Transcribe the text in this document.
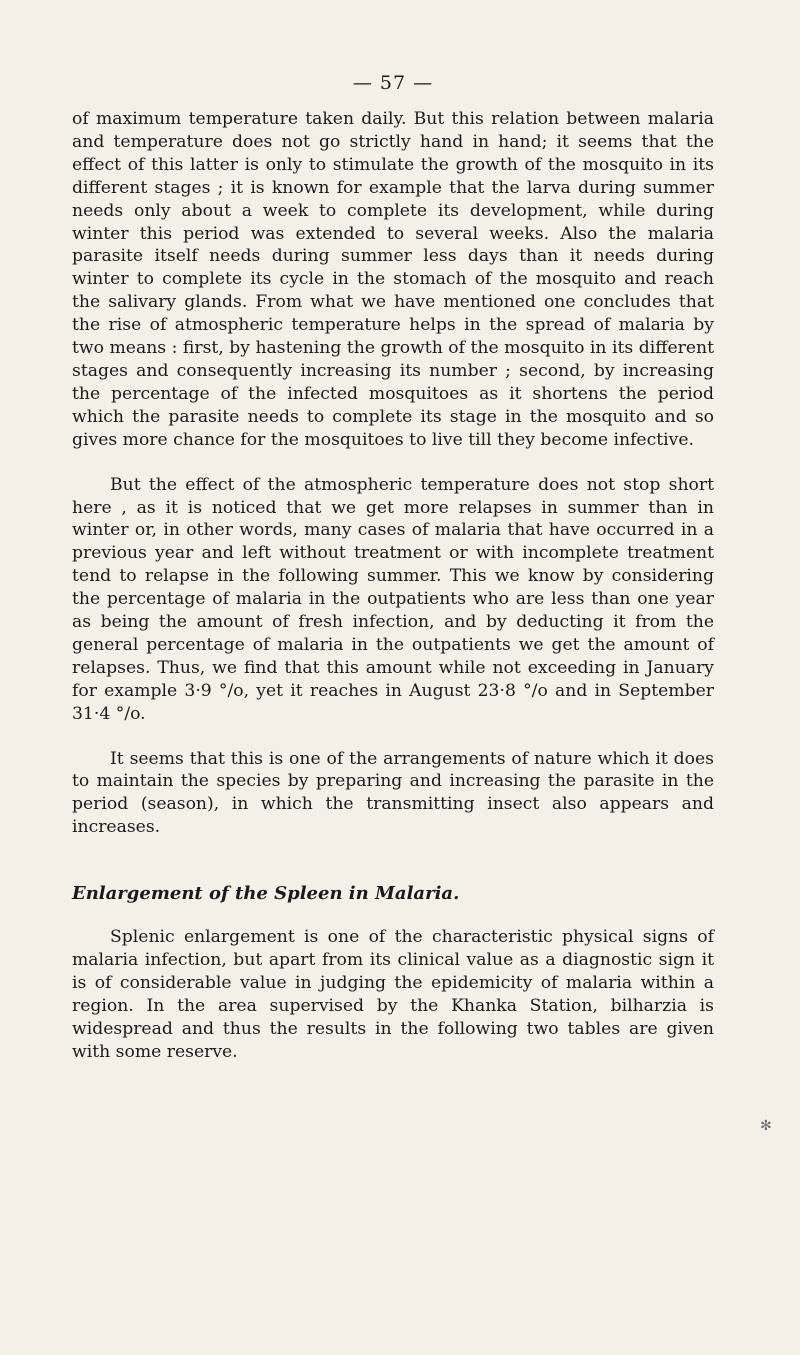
— 57 —

of maximum temperature taken daily. But this relation between malaria and temperature does not go strictly hand in hand; it seems that the effect of this latter is only to stimulate the growth of the mosquito in its different stages ; it is known for example that the larva during summer needs only about a week to complete its development, while during winter this period was extended to several weeks. Also the malaria parasite itself needs during summer less days than it needs during winter to complete its cycle in the stomach of the mosquito and reach the salivary glands. From what we have mentioned one concludes that the rise of atmospheric temperature helps in the spread of malaria by two means : first, by hastening the growth of the mosquito in its different stages and consequently increasing its number ; second, by increasing the percentage of the infected mosquitoes as it shortens the period which the parasite needs to complete its stage in the mosquito and so gives more chance for the mosquitoes to live till they become infective.

But the effect of the atmospheric temperature does not stop short here , as it is noticed that we get more relapses in summer than in winter or, in other words, many cases of malaria that have occurred in a previous year and left without treatment or with incomplete treatment tend to relapse in the following summer. This we know by considering the percentage of malaria in the outpatients who are less than one year as being the amount of fresh infection, and by deducting it from the general percentage of malaria in the outpatients we get the amount of relapses. Thus, we find that this amount while not exceeding in January for example 3·9 °/o, yet it reaches in August 23·8 °/o and in September 31·4 °/o.

It seems that this is one of the arrangements of nature which it does to maintain the species by preparing and increasing the parasite in the period (season), in which the transmitting insect also appears and increases.

Enlargement of the Spleen in Malaria.

Splenic enlargement is one of the characteristic physical signs of malaria infection, but apart from its clinical value as a diagnostic sign it is of considerable value in judging the epidemicity of malaria within a region. In the area supervised by the Khanka Station, bilharzia is widespread and thus the results in the following two tables are given with some reserve.

✻
